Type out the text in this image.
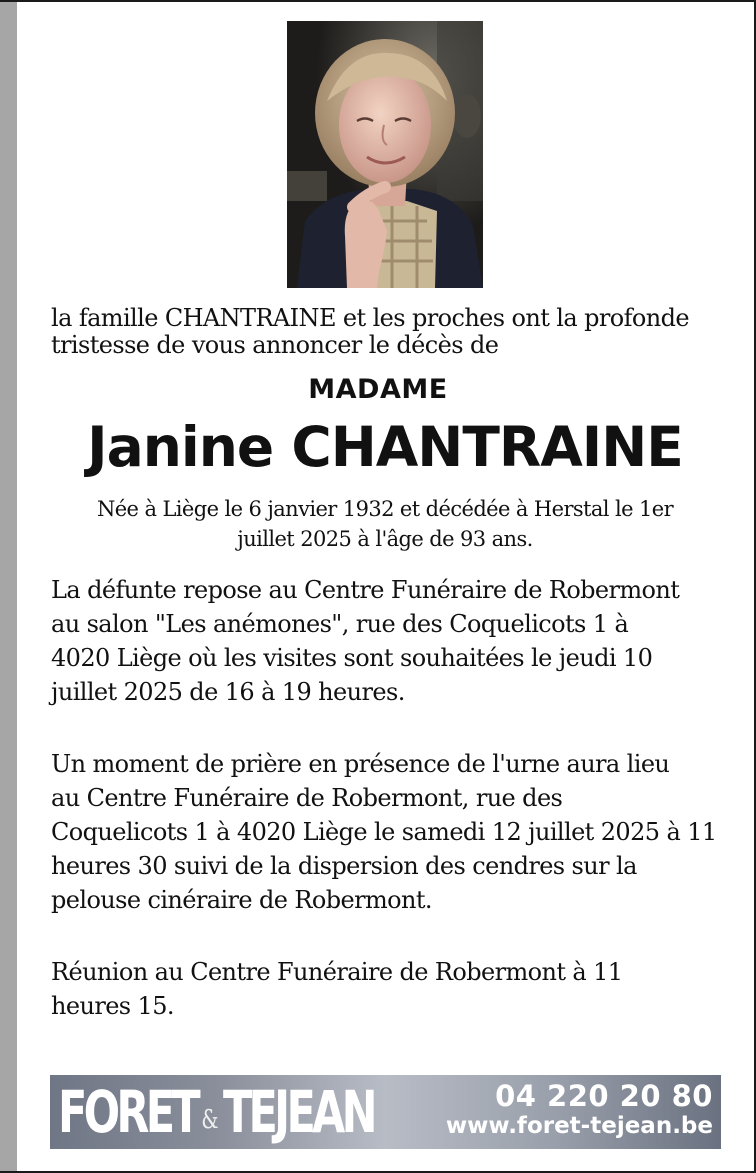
la famille CHANTRAINE et les proches ont la profonde
tristesse de vous annoncer le décès de

MADAME

Janine CHANTRAINE

Née à Liège le 6 janvier 1932 et décédée à Herstal le 1er
juillet 2025 à l'âge de 93 ans.

La défunte repose au Centre Funéraire de Robermont
au salon "Les anémones", rue des Coquelicots 1 à
4020 Liège où les visites sont souhaitées le jeudi 10
juillet 2025 de 16 à 19 heures.

Un moment de prière en présence de l'urne aura lieu
au Centre Funéraire de Robermont, rue des
Coquelicots 1 à 4020 Liège le samedi 12 juillet 2025 à 11
heures 30 suivi de la dispersion des cendres sur la
pelouse cinéraire de Robermont.

Réunion au Centre Funéraire de Robermont à 11
heures 15.

FORET &TEJEAN	04 220 20 80
www.foret-tejean.be
